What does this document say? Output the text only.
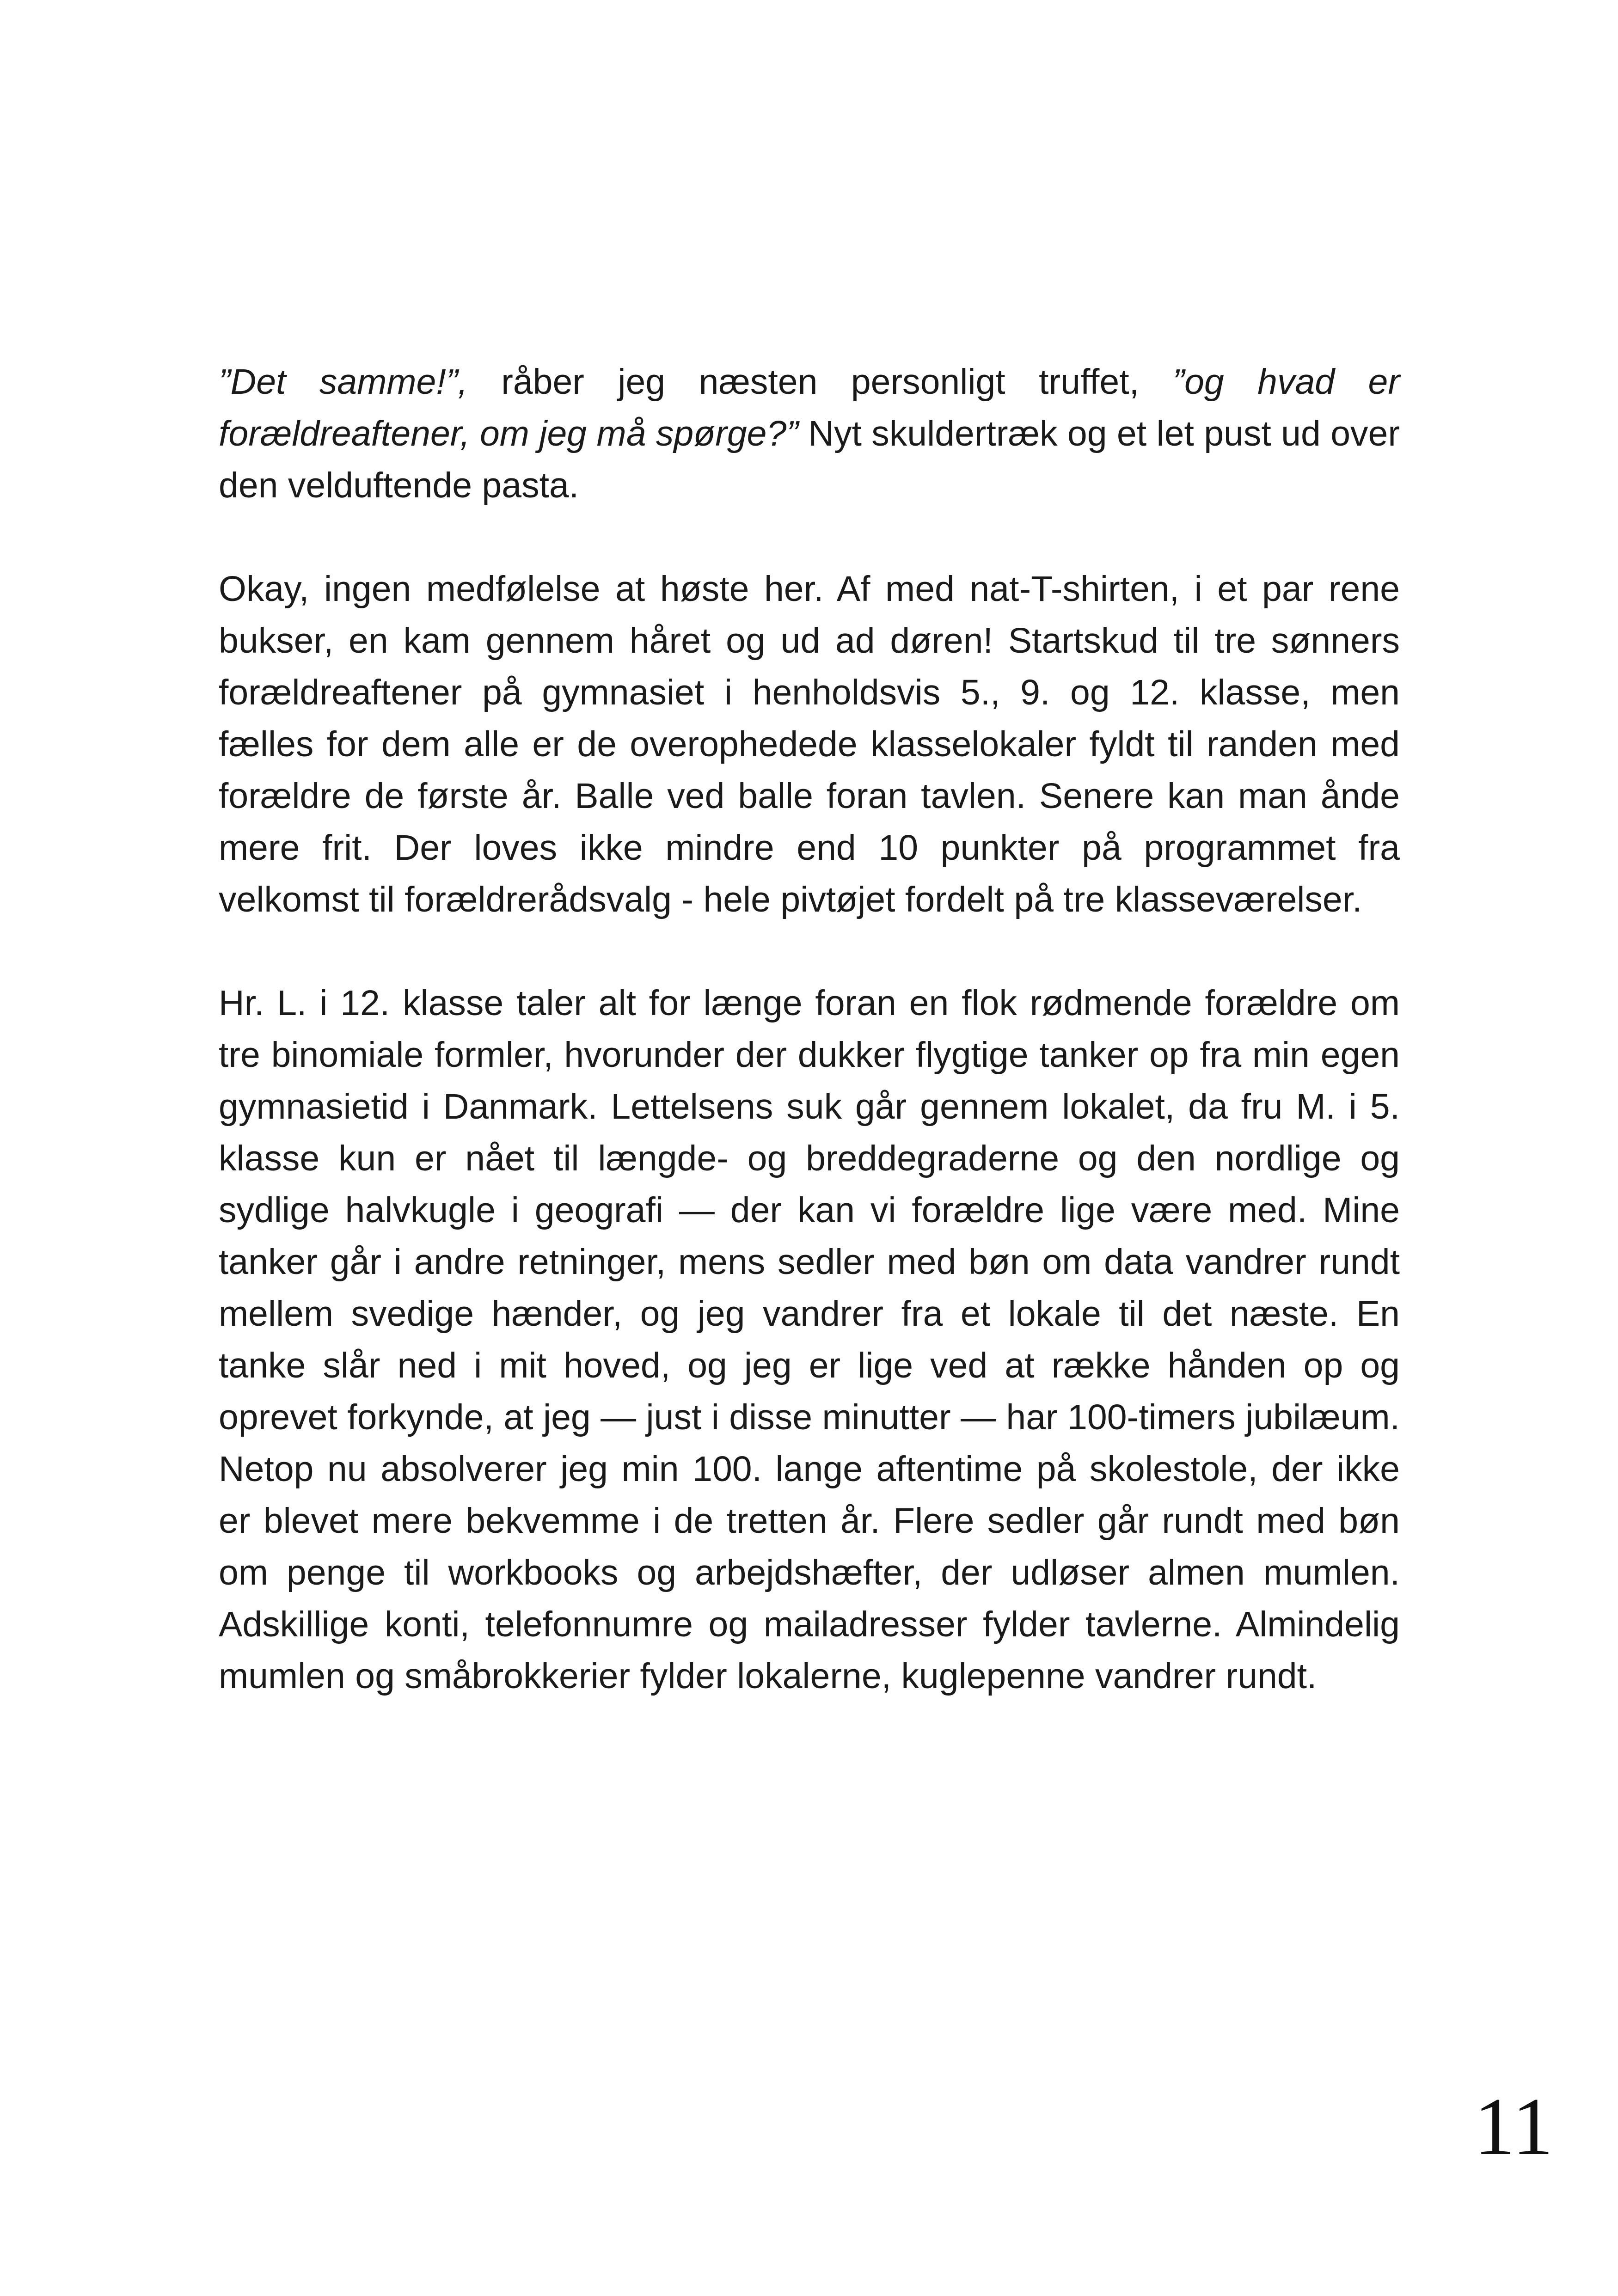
”Det samme!”, råber jeg næsten personligt truffet, ”og hvad er forældreaftener, om jeg må spørge?” Nyt skuldertræk og et let pust ud over den velduftende pasta.

Okay, ingen medfølelse at høste her. Af med nat-T-shirten, i et par rene bukser, en kam gennem håret og ud ad døren! Startskud til tre sønners forældreaftener på gymnasiet i henholdsvis 5., 9. og 12. klasse, men fælles for dem alle er de overophedede klasselokaler fyldt til randen med forældre de første år. Balle ved balle foran tavlen. Senere kan man ånde mere frit. Der loves ikke mindre end 10 punkter på programmet fra velkomst til forældrerådsvalg - hele pivtøjet fordelt på tre klasseværelser.

Hr. L. i 12. klasse taler alt for længe foran en flok rødmende forældre om tre binomiale formler, hvorunder der dukker flygtige tanker op fra min egen gymnasietid i Danmark. Lettelsens suk går gennem lokalet, da fru M. i 5. klasse kun er nået til længde- og breddegraderne og den nordlige og sydlige halvkugle i geografi — der kan vi forældre lige være med. Mine tanker går i andre retninger, mens sedler med bøn om data vandrer rundt mellem svedige hænder, og jeg vandrer fra et lokale til det næste. En tanke slår ned i mit hoved, og jeg er lige ved at række hånden op og oprevet forkynde, at jeg — just i disse minutter — har 100-timers jubilæum. Netop nu absolverer jeg min 100. lange aftentime på skolestole, der ikke er blevet mere bekvemme i de tretten år. Flere sedler går rundt med bøn om penge til workbooks og arbejdshæfter, der udløser almen mumlen. Adskillige konti, telefonnumre og mailadresser fylder tavlerne. Almindelig mumlen og småbrokkerier fylder lokalerne, kuglepenne vandrer rundt.

11
